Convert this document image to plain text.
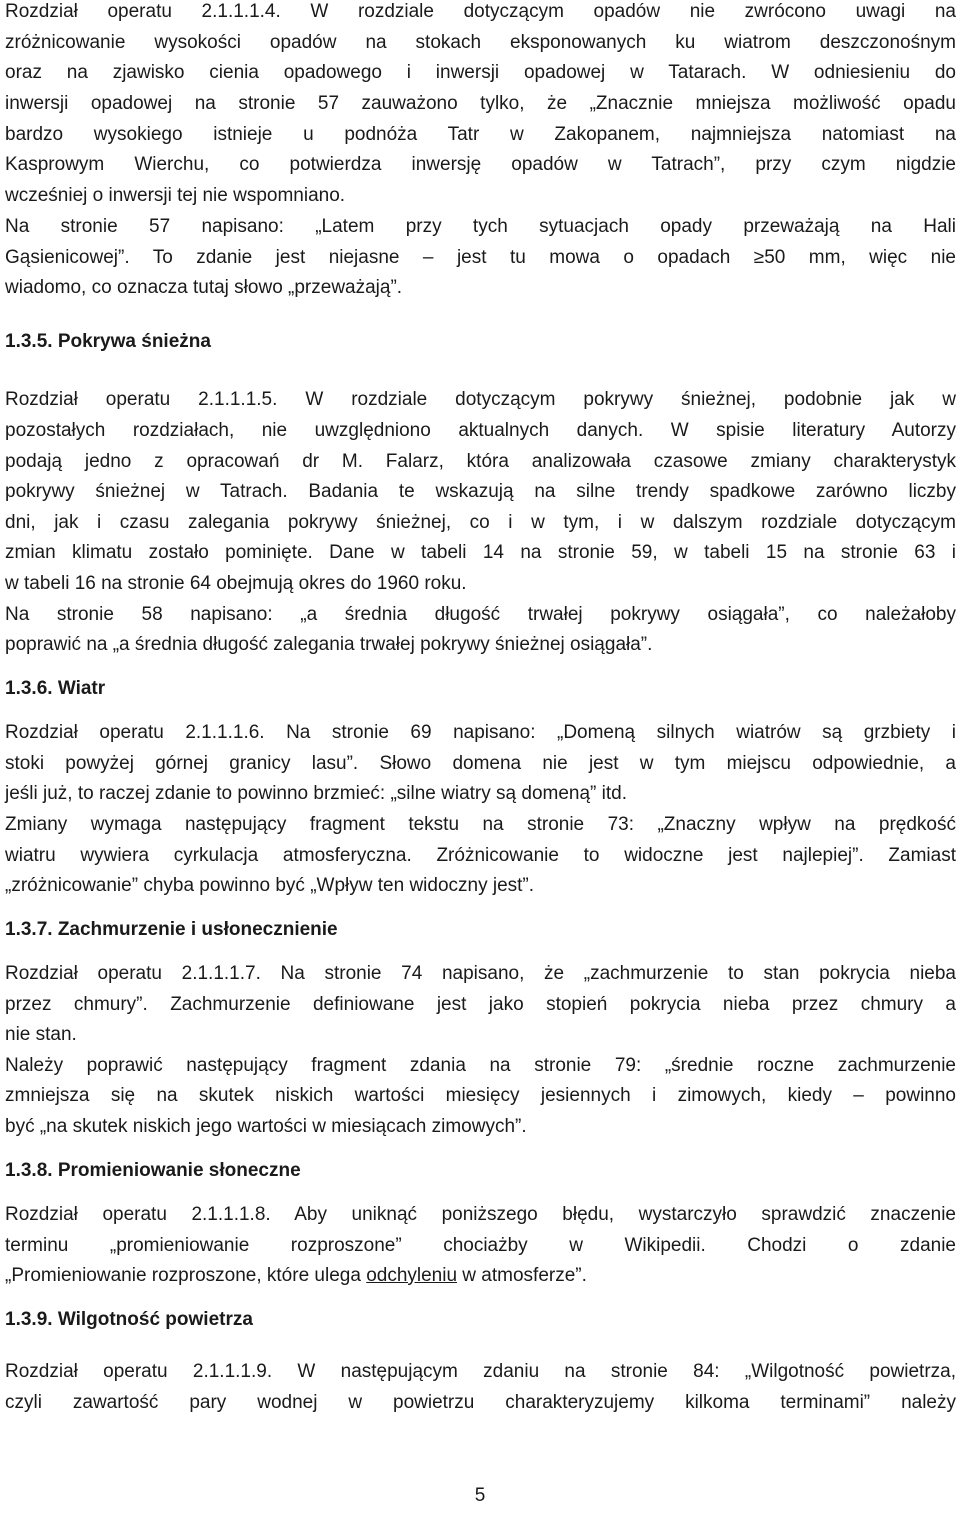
Rozdział operatu 2.1.1.1.4. W rozdziale dotyczącym opadów nie zwrócono uwagi na
zróżnicowanie wysokości opadów na stokach eksponowanych ku wiatrom deszczonośnym
oraz na zjawisko cienia opadowego i inwersji opadowej w Tatarach. W odniesieniu do
inwersji opadowej na stronie 57 zauważono tylko, że „Znacznie mniejsza możliwość opadu
bardzo wysokiego istnieje u podnóża Tatr w Zakopanem, najmniejsza natomiast na
Kasprowym Wierchu, co potwierdza inwersję opadów w Tatrach”, przy czym nigdzie
wcześniej o inwersji tej nie wspomniano.
Na stronie 57 napisano: „Latem przy tych sytuacjach opady przeważają na Hali
Gąsienicowej”. To zdanie jest niejasne – jest tu mowa o opadach ≥50 mm, więc nie
wiadomo, co oznacza tutaj słowo „przeważają”.
1.3.5. Pokrywa śnieżna
Rozdział operatu 2.1.1.1.5. W rozdziale dotyczącym pokrywy śnieżnej, podobnie jak w
pozostałych rozdziałach, nie uwzględniono aktualnych danych. W spisie literatury Autorzy
podają jedno z opracowań dr M. Falarz, która analizowała czasowe zmiany charakterystyk
pokrywy śnieżnej w Tatrach. Badania te wskazują na silne trendy spadkowe zarówno liczby
dni, jak i czasu zalegania pokrywy śnieżnej, co i w tym, i w dalszym rozdziale dotyczącym
zmian klimatu zostało pominięte. Dane w tabeli 14 na stronie 59, w tabeli 15 na stronie 63 i
w tabeli 16 na stronie 64 obejmują okres do 1960 roku.
Na stronie 58 napisano: „a średnia długość trwałej pokrywy osiągała”, co należałoby
poprawić na „a średnia długość zalegania trwałej pokrywy śnieżnej osiągała”.
1.3.6. Wiatr
Rozdział operatu 2.1.1.1.6. Na stronie 69 napisano: „Domeną silnych wiatrów są grzbiety i
stoki powyżej górnej granicy lasu”. Słowo domena nie jest w tym miejscu odpowiednie, a
jeśli już, to raczej zdanie to powinno brzmieć: „silne wiatry są domeną” itd.
Zmiany wymaga następujący fragment tekstu na stronie 73: „Znaczny wpływ na prędkość
wiatru wywiera cyrkulacja atmosferyczna. Zróżnicowanie to widoczne jest najlepiej”. Zamiast
„zróżnicowanie” chyba powinno być „Wpływ ten widoczny jest”.
1.3.7. Zachmurzenie i usłonecznienie
Rozdział operatu 2.1.1.1.7. Na stronie 74 napisano, że „zachmurzenie to stan pokrycia nieba
przez chmury”. Zachmurzenie definiowane jest jako stopień pokrycia nieba przez chmury a
nie stan.
Należy poprawić następujący fragment zdania na stronie 79: „średnie roczne zachmurzenie
zmniejsza się na skutek niskich wartości miesięcy jesiennych i zimowych, kiedy – powinno
być „na skutek niskich jego wartości w miesiącach zimowych”.
1.3.8. Promieniowanie słoneczne
Rozdział operatu 2.1.1.1.8. Aby uniknąć poniższego błędu, wystarczyło sprawdzić znaczenie
terminu „promieniowanie rozproszone” chociażby w Wikipedii. Chodzi o zdanie
„Promieniowanie rozproszone, które ulega odchyleniu w atmosferze”.
1.3.9. Wilgotność powietrza
Rozdział operatu 2.1.1.1.9. W następującym zdaniu na stronie 84: „Wilgotność powietrza,
czyli zawartość pary wodnej w powietrzu charakteryzujemy kilkoma terminami” należy
5
